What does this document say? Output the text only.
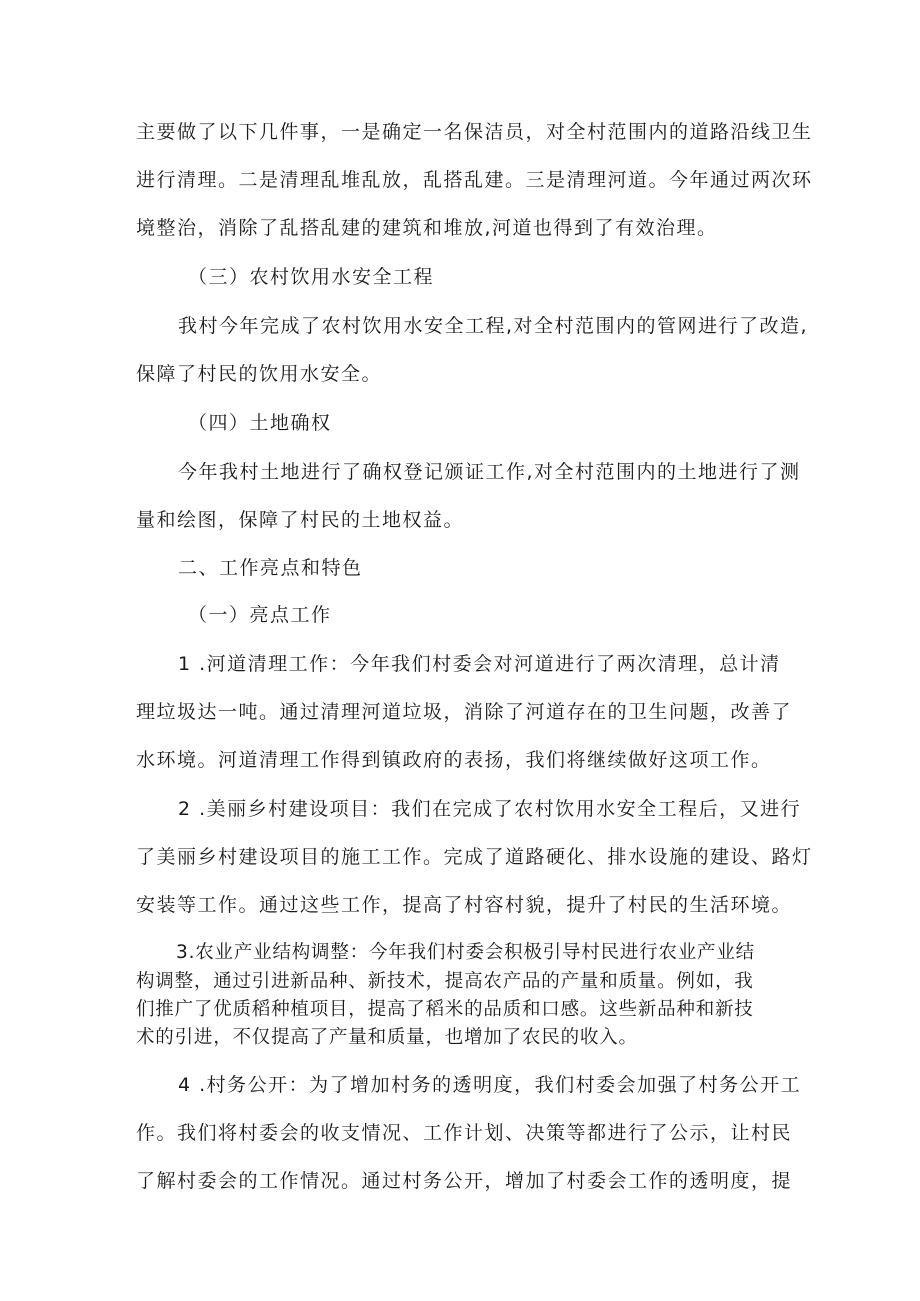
主要做了以下几件事，一是确定一名保洁员，对全村范围内的道路沿线卫生
进行清理。二是清理乱堆乱放，乱搭乱建。三是清理河道。今年通过两次环
境整治，消除了乱搭乱建的建筑和堆放,河道也得到了有效治理。
（三）农村饮用水安全工程
我村今年完成了农村饮用水安全工程,对全村范围内的管网进行了改造,
保障了村民的饮用水安全。
（四）土地确权
今年我村土地进行了确权登记颁证工作,对全村范围内的土地进行了测
量和绘图，保障了村民的土地权益。
二、工作亮点和特色
（一）亮点工作
1 .河道清理工作：今年我们村委会对河道进行了两次清理，总计清
理垃圾达一吨。通过清理河道垃圾，消除了河道存在的卫生问题，改善了
水环境。河道清理工作得到镇政府的表扬，我们将继续做好这项工作。
2 .美丽乡村建设项目：我们在完成了农村饮用水安全工程后，又进行
了美丽乡村建设项目的施工工作。完成了道路硬化、排水设施的建设、路灯
安装等工作。通过这些工作，提高了村容村貌，提升了村民的生活环境。
3.农业产业结构调整：今年我们村委会积极引导村民进行农业产业结
构调整，通过引进新品种、新技术，提高农产品的产量和质量。例如，我
们推广了优质稻种植项目，提高了稻米的品质和口感。这些新品种和新技
术的引进，不仅提高了产量和质量，也增加了农民的收入。
4 .村务公开：为了增加村务的透明度，我们村委会加强了村务公开工
作。我们将村委会的收支情况、工作计划、决策等都进行了公示，让村民
了解村委会的工作情况。通过村务公开，增加了村委会工作的透明度，提
